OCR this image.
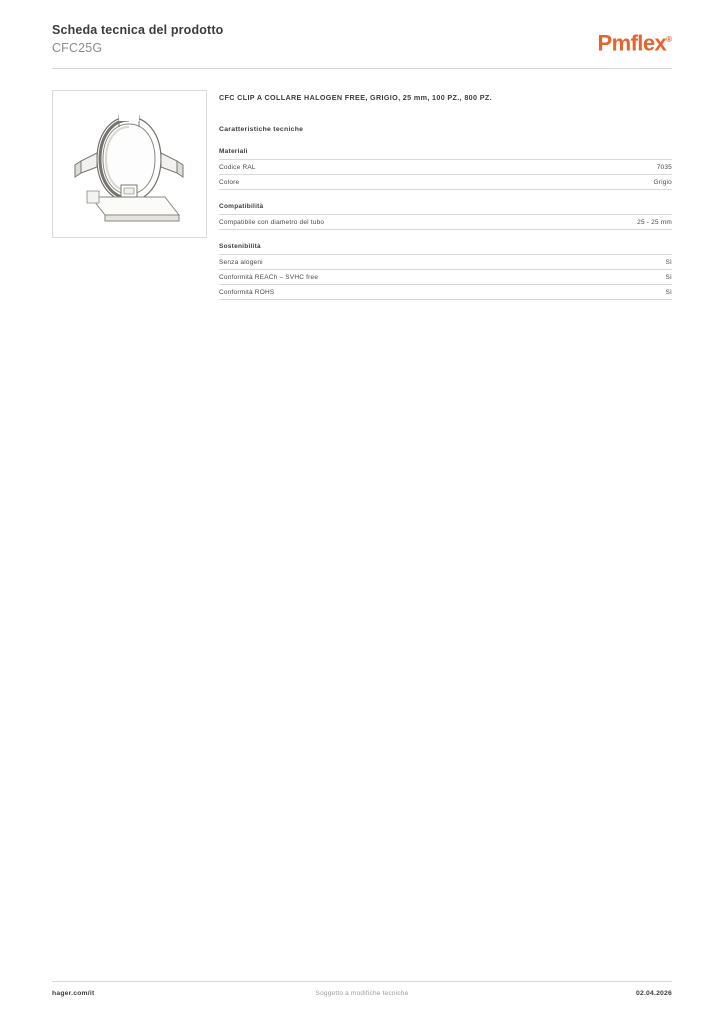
Scheda tecnica del prodotto
CFC25G	Pmflex®

CFC CLIP A COLLARE HALOGEN FREE, GRIGIO, 25 mm, 100 PZ., 800 PZ.

Caratteristiche tecniche
Materiali
Codice RAL	7035
Colore	Grigio
Compatibilità
Compatibile con diametro del tubo	25 - 25 mm
Sostenibilità
Senza alogeni	Sì
Conformità REACh – SVHC free	Sì
Conformità ROHS	Sì
hager.com/it	Soggetto a modifiche tecniche	02.04.2026
